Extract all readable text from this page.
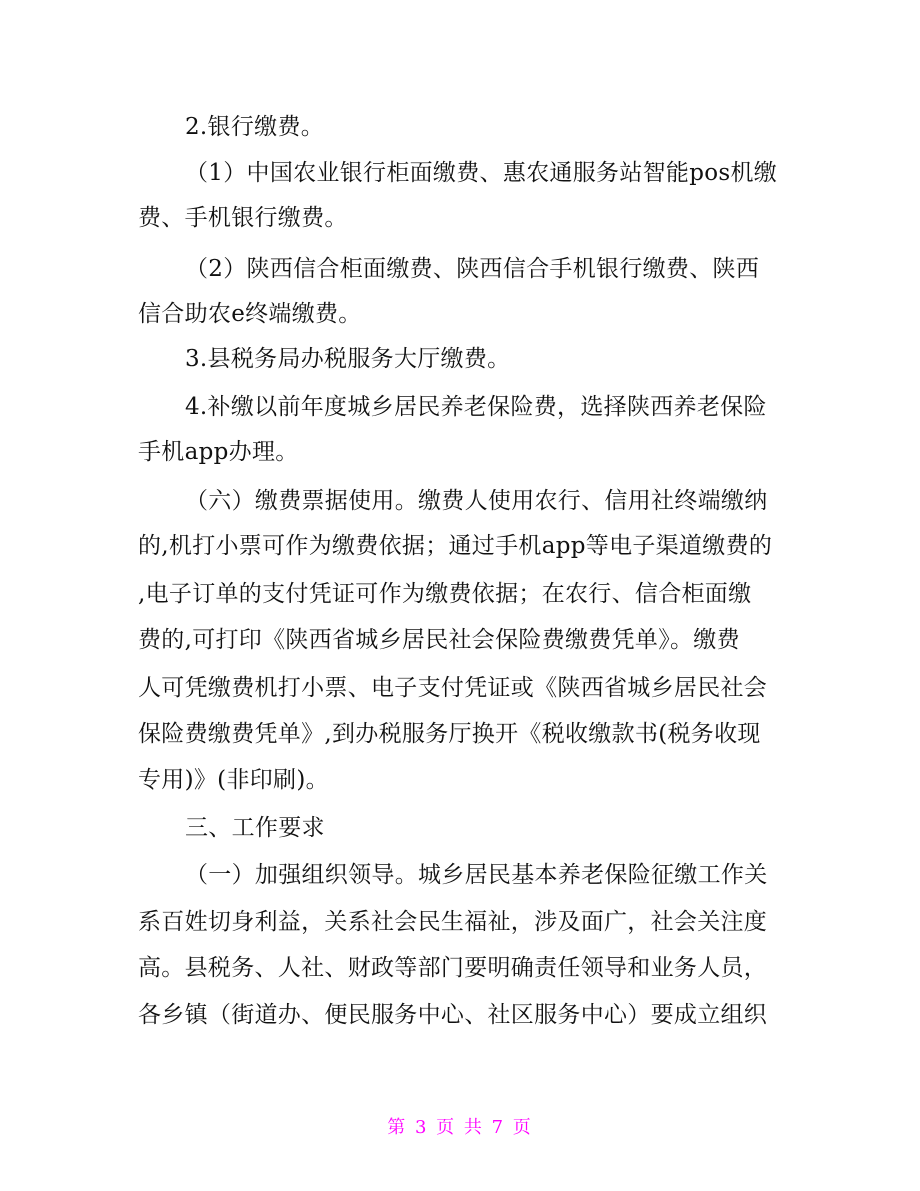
2.银行缴费。
（1）中国农业银行柜面缴费、惠农通服务站智能pos机缴
费、手机银行缴费。
（2）陕西信合柜面缴费、陕西信合手机银行缴费、陕西
信合助农e终端缴费。
3.县税务局办税服务大厅缴费。
4.补缴以前年度城乡居民养老保险费，选择陕西养老保险
手机app办理。
（六）缴费票据使用。缴费人使用农行、信用社终端缴纳
的,机打小票可作为缴费依据；通过手机app等电子渠道缴费的
,电子订单的支付凭证可作为缴费依据；在农行、信合柜面缴
费的,可打印《陕西省城乡居民社会保险费缴费凭单》。缴费
人可凭缴费机打小票、电子支付凭证或《陕西省城乡居民社会
保险费缴费凭单》,到办税服务厅换开《税收缴款书(税务收现
专用)》(非印刷)。
三、工作要求
（一）加强组织领导。城乡居民基本养老保险征缴工作关
系百姓切身利益，关系社会民生福祉，涉及面广，社会关注度
高。县税务、人社、财政等部门要明确责任领导和业务人员，
各乡镇（街道办、便民服务中心、社区服务中心）要成立组织
第 3 页 共 7 页
